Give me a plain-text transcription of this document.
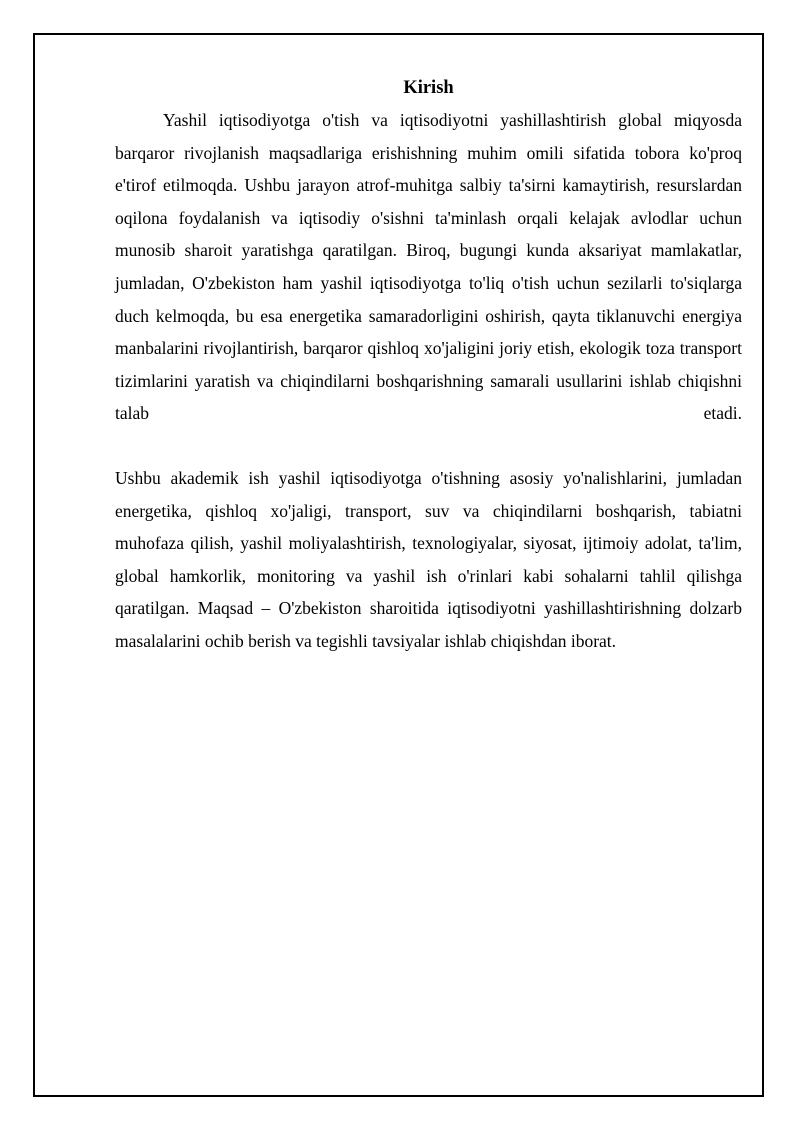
Kirish

Yashil iqtisodiyotga o'tish va iqtisodiyotni yashillashtirish global miqyosda barqaror rivojlanish maqsadlariga erishishning muhim omili sifatida tobora ko'proq e'tirof etilmoqda. Ushbu jarayon atrof-muhitga salbiy ta'sirni kamaytirish, resurslardan oqilona foydalanish va iqtisodiy o'sishni ta'minlash orqali kelajak avlodlar uchun munosib sharoit yaratishga qaratilgan. Biroq, bugungi kunda aksariyat mamlakatlar, jumladan, O'zbekiston ham yashil iqtisodiyotga to'liq o'tish uchun sezilarli to'siqlarga duch kelmoqda, bu esa energetika samaradorligini oshirish, qayta tiklanuvchi energiya manbalarini rivojlantirish, barqaror qishloq xo'jaligini joriy etish, ekologik toza transport tizimlarini yaratish va chiqindilarni boshqarishning samarali usullarini ishlab chiqishni talab etadi.

Ushbu akademik ish yashil iqtisodiyotga o'tishning asosiy yo'nalishlarini, jumladan energetika, qishloq xo'jaligi, transport, suv va chiqindilarni boshqarish, tabiatni muhofaza qilish, yashil moliyalashtirish, texnologiyalar, siyosat, ijtimoiy adolat, ta'lim, global hamkorlik, monitoring va yashil ish o'rinlari kabi sohalarni tahlil qilishga qaratilgan. Maqsad – O'zbekiston sharoitida iqtisodiyotni yashillashtirishning dolzarb masalalarini ochib berish va tegishli tavsiyalar ishlab chiqishdan iborat.
